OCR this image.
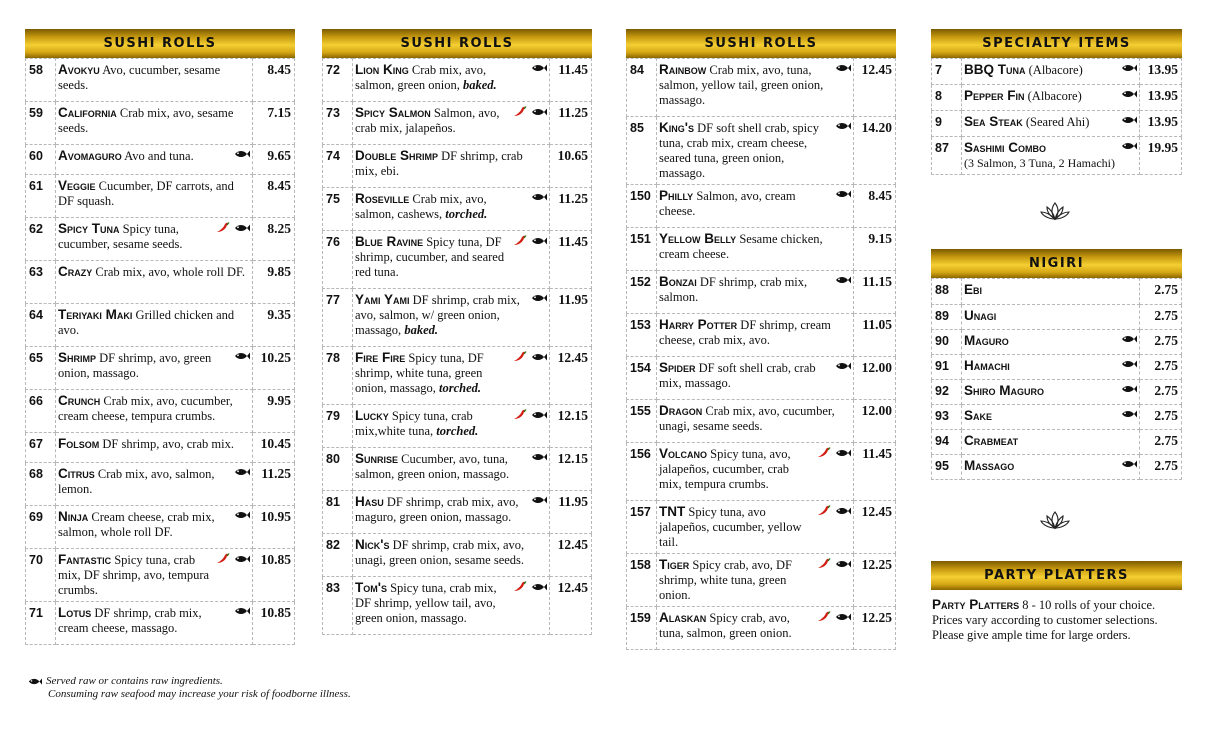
SUSHI ROLLS
58	Avokyu Avo, cucumber, sesame seeds.	8.45
59	California Crab mix, avo, sesame seeds.	7.15
60	Avomaguro Avo and tuna.	9.65
61	Veggie Cucumber, DF carrots, and DF squash.	8.45
62	Spicy Tuna Spicy tuna, cucumber, sesame seeds.	8.25
63	Crazy Crab mix, avo, whole roll DF.	9.85
64	Teriyaki Maki Grilled chicken and avo.	9.35
65	Shrimp DF shrimp, avo, green onion, massago.	10.25
66	Crunch Crab mix, avo, cucumber, cream cheese, tempura crumbs.	9.95
67	Folsom DF shrimp, avo, crab mix.	10.45
68	Citrus Crab mix, avo, salmon, lemon.	11.25
69	Ninja Cream cheese, crab mix, salmon, whole roll DF.	10.95
70	Fantastic Spicy tuna, crab mix, DF shrimp, avo, tempura crumbs.	10.85
71	Lotus DF shrimp, crab mix, cream cheese, massago.	10.85
SUSHI ROLLS
72	Lion King Crab mix, avo, salmon, green onion, baked.	11.45
73	Spicy Salmon Salmon, avo, crab mix, jalapeños.	11.25
74	Double Shrimp DF shrimp, crab mix, ebi.	10.65
75	Roseville Crab mix, avo, salmon, cashews, torched.	11.25
76	Blue Ravine Spicy tuna, DF shrimp, cucumber, and seared red tuna.	11.45
77	Yami Yami DF shrimp, crab mix, avo, salmon, w/ green onion, massago, baked.	11.95
78	Fire Fire Spicy tuna, DF shrimp, white tuna, green onion, massago, torched.	12.45
79	Lucky Spicy tuna, crab mix,white tuna, torched.	12.15
80	Sunrise Cucumber, avo, tuna, salmon, green onion, massago.	12.15
81	Hasu DF shrimp, crab mix, avo, maguro, green onion, massago.	11.95
82	Nick's DF shrimp, crab mix, avo, unagi, green onion, sesame seeds.	12.45
83	Tom's Spicy tuna, crab mix, DF shrimp, yellow tail, avo, green onion, massago.	12.45
SUSHI ROLLS
84	Rainbow Crab mix, avo, tuna, salmon, yellow tail, green onion, massago.	12.45
85	King's DF soft shell crab, spicy tuna, crab mix, cream cheese, seared tuna, green onion, massago.	14.20
150	Philly Salmon, avo, cream cheese.	8.45
151	Yellow Belly Sesame chicken, cream cheese.	9.15
152	Bonzai DF shrimp, crab mix, salmon.	11.15
153	Harry Potter DF shrimp, cream cheese, crab mix, avo.	11.05
154	Spider DF soft shell crab, crab mix, massago.	12.00
155	Dragon Crab mix, avo, cucumber, unagi, sesame seeds.	12.00
156	Volcano Spicy tuna, avo, jalapeños, cucumber, crab mix, tempura crumbs.	11.45
157	TNT Spicy tuna, avo jalapeños, cucumber, yellow tail.	12.45
158	Tiger Spicy crab, avo, DF shrimp, white tuna, green onion.	12.25
159	Alaskan Spicy crab, avo, tuna, salmon, green onion.	12.25
SPECIALTY ITEMS
7	BBQ Tuna (Albacore)	13.95
8	Pepper Fin (Albacore)	13.95
9	Sea Steak (Seared Ahi)	13.95
87	Sashimi Combo
(3 Salmon, 3 Tuna, 2 Hamachi)	19.95
NIGIRI
88	Ebi	2.75
89	Unagi	2.75
90	Maguro	2.75
91	Hamachi	2.75
92	Shiro Maguro	2.75
93	Sake	2.75
94	Crabmeat	2.75
95	Massago	2.75
PARTY PLATTERS
Party Platters 8 - 10 rolls of your choice. Prices vary according to customer selections. Please give ample time for large orders.
Served raw or contains raw ingredients.
Consuming raw seafood may increase your risk of foodborne illness.
